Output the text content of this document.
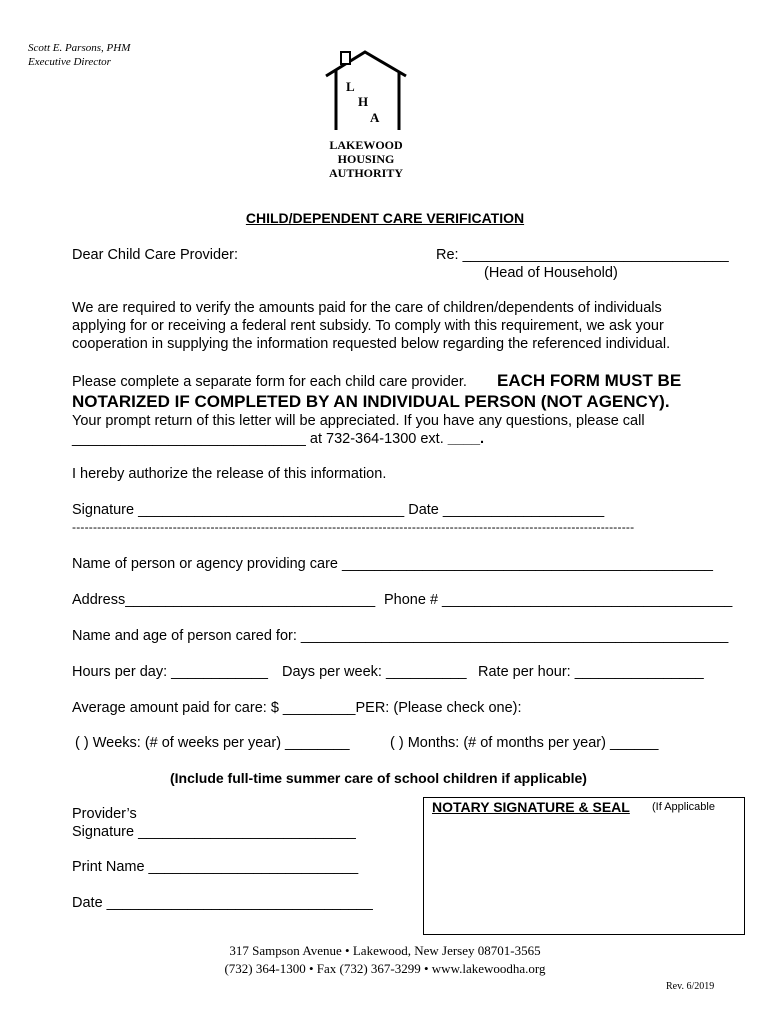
Scott E. Parsons, PHM
Executive Director
L
H
A
LAKEWOOD
HOUSING
AUTHORITY
CHILD/DEPENDENT CARE VERIFICATION
Dear Child Care Provider:	Re: _________________________________
(Head of Household)
We are required to verify the amounts paid for the care of children/dependents of individuals
applying for or receiving a federal rent subsidy. To comply with this requirement, we ask your
cooperation in supplying the information requested below regarding the referenced individual.
Please complete a separate form for each child care provider. EACH FORM MUST BE
NOTARIZED IF COMPLETED BY AN INDIVIDUAL PERSON (NOT AGENCY).
Your prompt return of this letter will be appreciated. If you have any questions, please call
_____________________________ at 732-364-1300 ext. ____.
I hereby authorize the release of this information.
Signature _________________________________ Date ____________________
--------------------------------------------------------------------------------------------------------------------------------------
Name of person or agency providing care ______________________________________________
Address_______________________________ Phone # ____________________________________
Name and age of person cared for: _____________________________________________________
Hours per day: ____________ Days per week: __________ Rate per hour: ________________
Average amount paid for care: $ _________PER: (Please check one):
( ) Weeks: (# of weeks per year) ________	( ) Months: (# of months per year) ______
(Include full-time summer care of school children if applicable)
Provider’s
Signature ___________________________
Print Name __________________________
Date _________________________________
NOTARY SIGNATURE & SEAL (If Applicable
317 Sampson Avenue • Lakewood, New Jersey 08701-3565
(732) 364-1300 • Fax (732) 367-3299 • www.lakewoodha.org
Rev. 6/2019
